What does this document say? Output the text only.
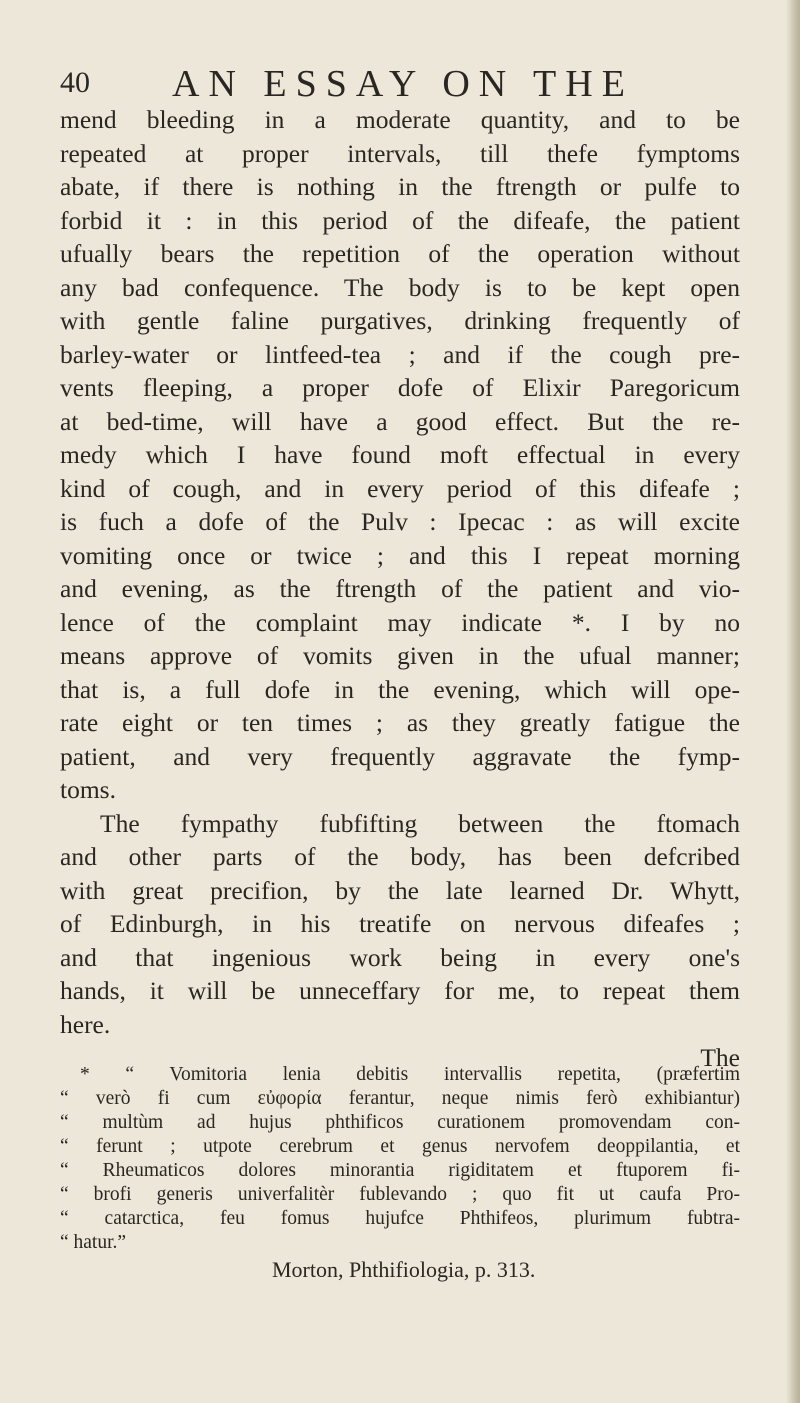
40 AN ESSAY ON THE
mend bleeding in a moderate quantity, and to be
repeated at proper intervals, till thefe fymptoms
abate, if there is nothing in the ftrength or pulfe to
forbid it : in this period of the difeafe, the patient
ufually bears the repetition of the operation without
any bad confequence. The body is to be kept open
with gentle faline purgatives, drinking frequently of
barley-water or lintfeed-tea ; and if the cough pre-
vents fleeping, a proper dofe of Elixir Paregoricum
at bed-time, will have a good effect. But the re-
medy which I have found moft effectual in every
kind of cough, and in every period of this difeafe ;
is fuch a dofe of the Pulv : Ipecac : as will excite
vomiting once or twice ; and this I repeat morning
and evening, as the ftrength of the patient and vio-
lence of the complaint may indicate *. I by no
means approve of vomits given in the ufual manner;
that is, a full dofe in the evening, which will ope-
rate eight or ten times ; as they greatly fatigue the
patient, and very frequently aggravate the fymp-
toms.
The fympathy fubfifting between the ftomach
and other parts of the body, has been defcribed
with great precifion, by the late learned Dr. Whytt,
of Edinburgh, in his treatife on nervous difeafes ;
and that ingenious work being in every one's
hands, it will be unneceffary for me, to repeat them
here.
The
* “ Vomitoria lenia debitis intervallis repetita, (præfertim
“ verò fi cum εὐφορία ferantur, neque nimis ferò exhibiantur)
“ multùm ad hujus phthificos curationem promovendam con-
“ ferunt ; utpote cerebrum et genus nervofem deoppilantia, et
“ Rheumaticos dolores minorantia rigiditatem et ftuporem fi-
“ brofi generis univerfalitèr fublevando ; quo fit ut caufa Pro-
“ catarctica, feu fomus hujufce Phthifeos, plurimum fubtra-
“ hatur.”
Morton, Phthifiologia, p. 313.
